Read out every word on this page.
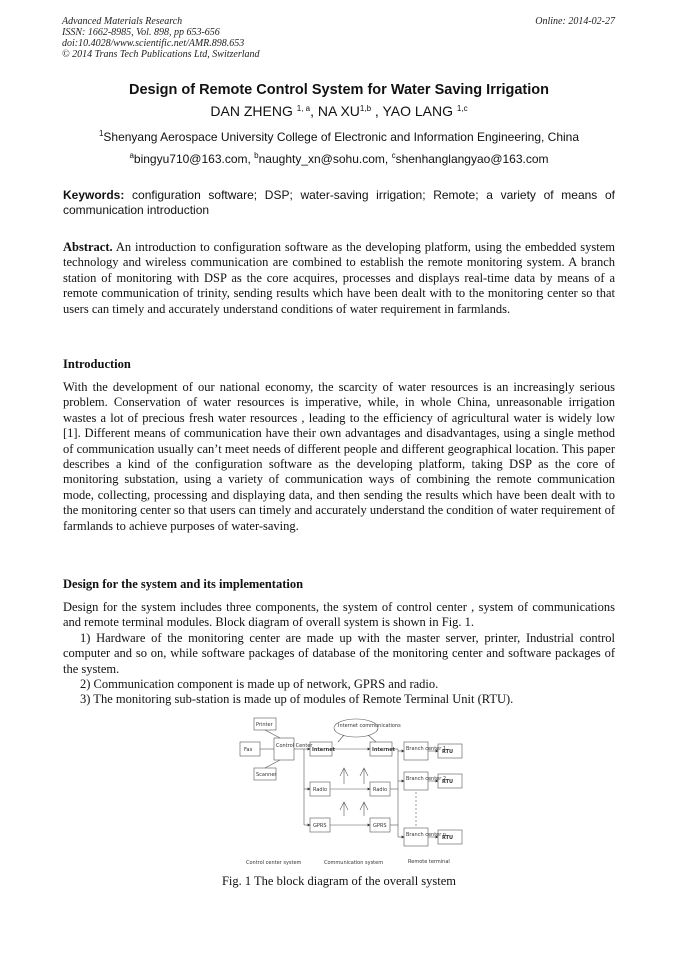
Advanced Materials Research
ISSN: 1662-8985, Vol. 898, pp 653-656
doi:10.4028/www.scientific.net/AMR.898.653
© 2014 Trans Tech Publications Ltd, Switzerland
Online: 2014-02-27
Design of Remote Control System for Water Saving Irrigation
DAN ZHENG $^{1, a}$, NA XU$^{1,b}$ , YAO LANG $^{1,c}$
$^1$Shenyang Aerospace University College of Electronic and Information Engineering, China
$^a$bingyu710@163.com, $^b$naughty_xn@sohu.com, $^c$shenhanglangyao@163.com
Keywords: configuration software; DSP; water-saving irrigation; Remote; a variety of means of communication introduction
Abstract. An introduction to configuration software as the developing platform, using the embedded system technology and wireless communication are combined to establish the remote monitoring system. A branch station of monitoring with DSP as the core acquires, processes and displays real-time data by means of a remote communication of trinity, sending results which have been dealt with to the monitoring center so that users can timely and accurately understand conditions of water requirement in farmlands.
Introduction
With the development of our national economy, the scarcity of water resources is an increasingly serious problem. Conservation of water resources is imperative, while, in whole China, unreasonable irrigation wastes a lot of precious fresh water resources , leading to the efficiency of agricultural water is widely low [1]. Different means of communication have their own advantages and disadvantages, using a single method of communication usually can’t meet needs of different people and different geographical location. This paper describes a kind of the configuration software as the developing platform, taking DSP as the core of monitoring substation, using a variety of communication ways of combining the remote communication mode, collecting, processing and displaying data, and then sending the results which have been dealt with to the monitoring center so that users can timely and accurately understand the condition of water requirement of farmlands to achieve purposes of water-saving.
Design for the system and its implementation

Design for the system includes three components, the system of control center , system of communications and remote terminal modules. Block diagram of overall system is shown in Fig. 1.

1) Hardware of the monitoring center are made up with the master server, printer, Industrial control computer and so on, while software packages of database of the monitoring center and software packages of the system.

2) Communication component is made up of network, GPRS and radio.

3) The monitoring sub-station is made up of modules of Remote Terminal Unit (RTU).

Printer
Fax
Control Center
Scanner
Internet	Internet
Internet communications
Radio	Radio
GPRS	GPRS
Branch center 1
Branch center 2
Branch center n
RTU
RTU
RTU
Control center system	Communication system	Remote terminal
Fig. 1 The block diagram of the overall system
